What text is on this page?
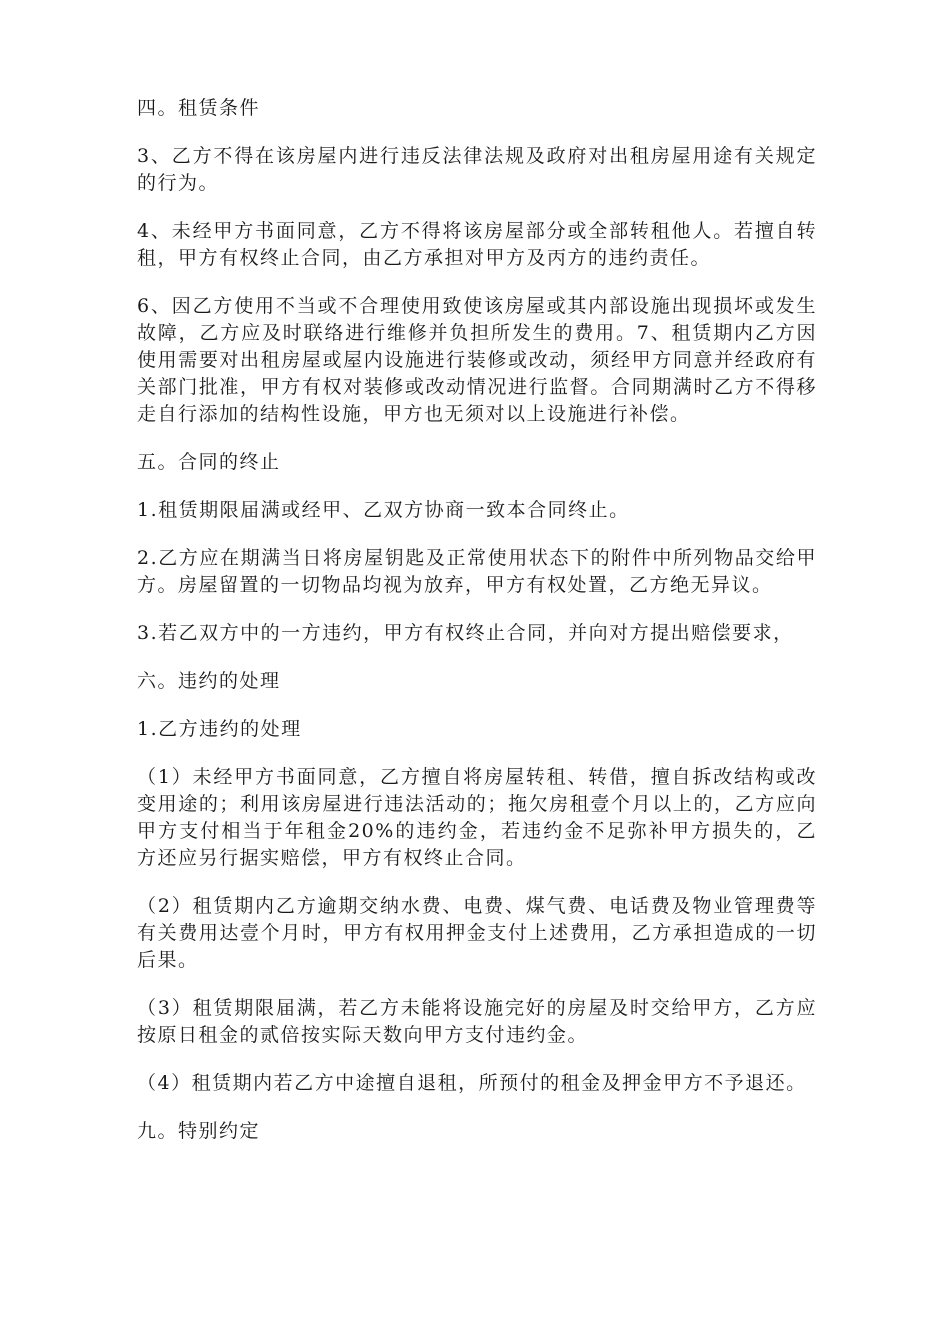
四。租赁条件

3、乙方不得在该房屋内进行违反法律法规及政府对出租房屋用途有关规定的行为。

4、未经甲方书面同意，乙方不得将该房屋部分或全部转租他人。若擅自转租，甲方有权终止合同，由乙方承担对甲方及丙方的违约责任。

6、因乙方使用不当或不合理使用致使该房屋或其内部设施出现损坏或发生故障，乙方应及时联络进行维修并负担所发生的费用。7、租赁期内乙方因使用需要对出租房屋或屋内设施进行装修或改动，须经甲方同意并经政府有关部门批准，甲方有权对装修或改动情况进行监督。合同期满时乙方不得移走自行添加的结构性设施，甲方也无须对以上设施进行补偿。

五。合同的终止

1.租赁期限届满或经甲、乙双方协商一致本合同终止。

2.乙方应在期满当日将房屋钥匙及正常使用状态下的附件中所列物品交给甲方。房屋留置的一切物品均视为放弃，甲方有权处置，乙方绝无异议。

3.若乙双方中的一方违约，甲方有权终止合同，并向对方提出赔偿要求，

六。违约的处理

1.乙方违约的处理

（1）未经甲方书面同意，乙方擅自将房屋转租、转借，擅自拆改结构或改变用途的；利用该房屋进行违法活动的；拖欠房租壹个月以上的，乙方应向甲方支付相当于年租金20%的违约金，若违约金不足弥补甲方损失的，乙方还应另行据实赔偿，甲方有权终止合同。

（2）租赁期内乙方逾期交纳水费、电费、煤气费、电话费及物业管理费等有关费用达壹个月时，甲方有权用押金支付上述费用，乙方承担造成的一切后果。

（3）租赁期限届满，若乙方未能将设施完好的房屋及时交给甲方，乙方应按原日租金的贰倍按实际天数向甲方支付违约金。

（4）租赁期内若乙方中途擅自退租，所预付的租金及押金甲方不予退还。

九。特别约定
